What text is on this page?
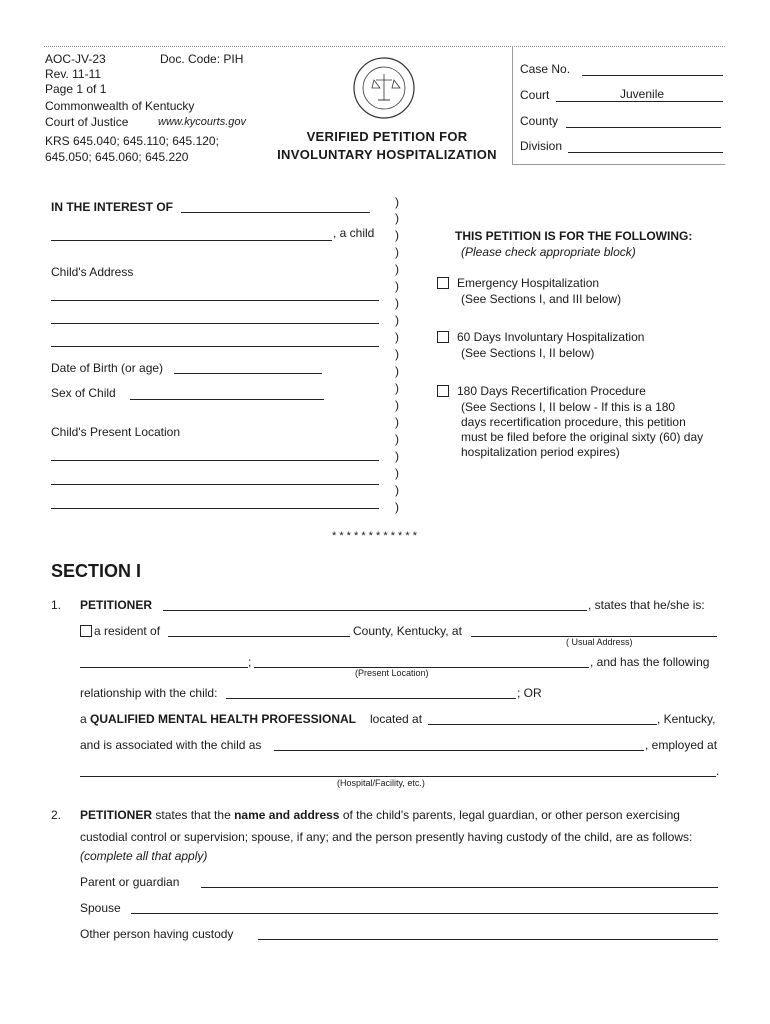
AOC-JV-23	Doc. Code: PIH
Rev. 11-11
Page 1 of 1
Commonwealth of Kentucky
Court of Justice	www.kycourts.gov
KRS 645.040; 645.110; 645.120;
645.050; 645.060; 645.220
VERIFIED PETITION FOR
INVOLUNTARY HOSPITALIZATION
Case No.
Court	Juvenile
County
Division
IN THE INTEREST OF
, a child
Child's Address
Date of Birth (or age)
Sex of Child
Child's Present Location
)
)
)
)
)
)
)
)
)
)
)
)
)
)
)
)
)
)
)
THIS PETITION IS FOR THE FOLLOWING:
(Please check appropriate block)
Emergency Hospitalization
(See Sections I, and III below)
60 Days Involuntary Hospitalization
(See Sections I, II below)
180 Days Recertification Procedure
(See Sections I, II below - If this is a 180
days recertification procedure, this petition
must be filed before the original sixty (60) day
hospitalization period expires)
* * * * * * * * * * * *
SECTION I
1. PETITIONER	, states that he/she is:
a resident of	County, Kentucky, at
( Usual Address)
;	, and has the following
(Present Location)
relationship with the child:	; OR
a QUALIFIED MENTAL HEALTH PROFESSIONAL located at	, Kentucky,
and is associated with the child as	, employed at
.
(Hospital/Facility, etc.)
2. PETITIONER states that the name and address of the child's parents, legal guardian, or other person exercising
custodial control or supervision; spouse, if any; and the person presently having custody of the child, are as follows:
(complete all that apply)
Parent or guardian
Spouse
Other person having custody
